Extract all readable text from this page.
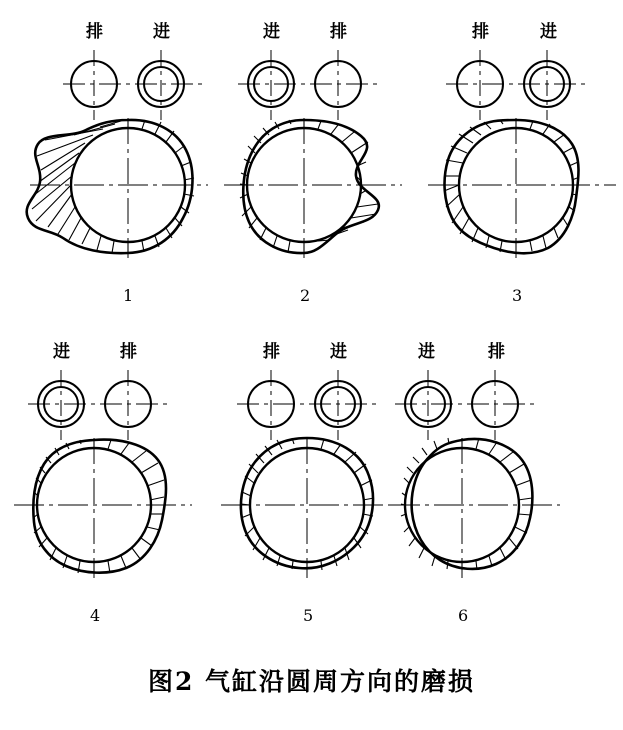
排	进
1
进	排
2
排	进
3
进	排
4
排	进
5
进	排
6
图2 气缸沿圆周方向的磨损
